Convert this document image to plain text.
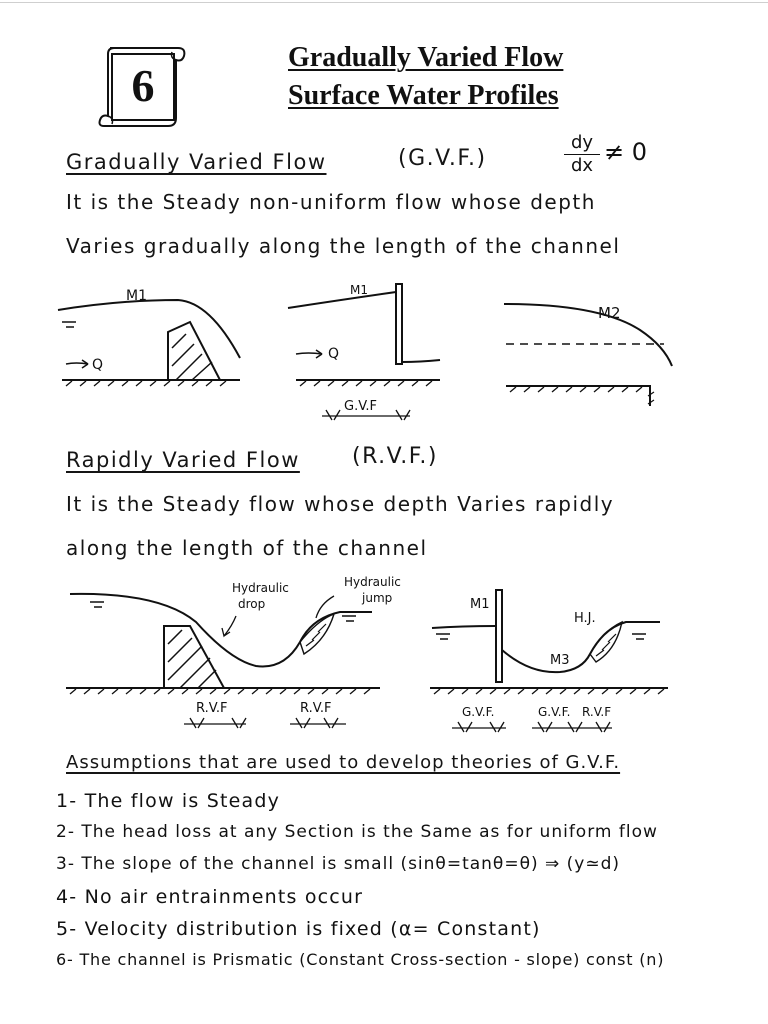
6
Gradually Varied Flow
Surface Water Profiles
Gradually Varied Flow	(G.V.F.)
dy
dx ≠ 0
It is the Steady non-uniform flow whose depth
Varies gradually along the length of the channel
M1
Q
M1
Q
G.V.F
M2
Rapidly Varied Flow (R.V.F.)
It is the Steady flow whose depth Varies rapidly
along the length of the channel
Hydraulic
drop
Hydraulic
jump
R.V.F	R.V.F
M1
H.J.
M3
G.V.F.	G.V.F. R.V.F
Assumptions that are used to develop theories of G.V.F.
1- The flow is Steady
2- The head loss at any Section is the Same as for uniform flow
3- The slope of the channel is small (sinθ=tanθ=θ) ⇒ (y≃d)
4- No air entrainments occur
5- Velocity distribution is fixed (α= Constant)
6- The channel is Prismatic (Constant Cross-section - slope) const (n)
